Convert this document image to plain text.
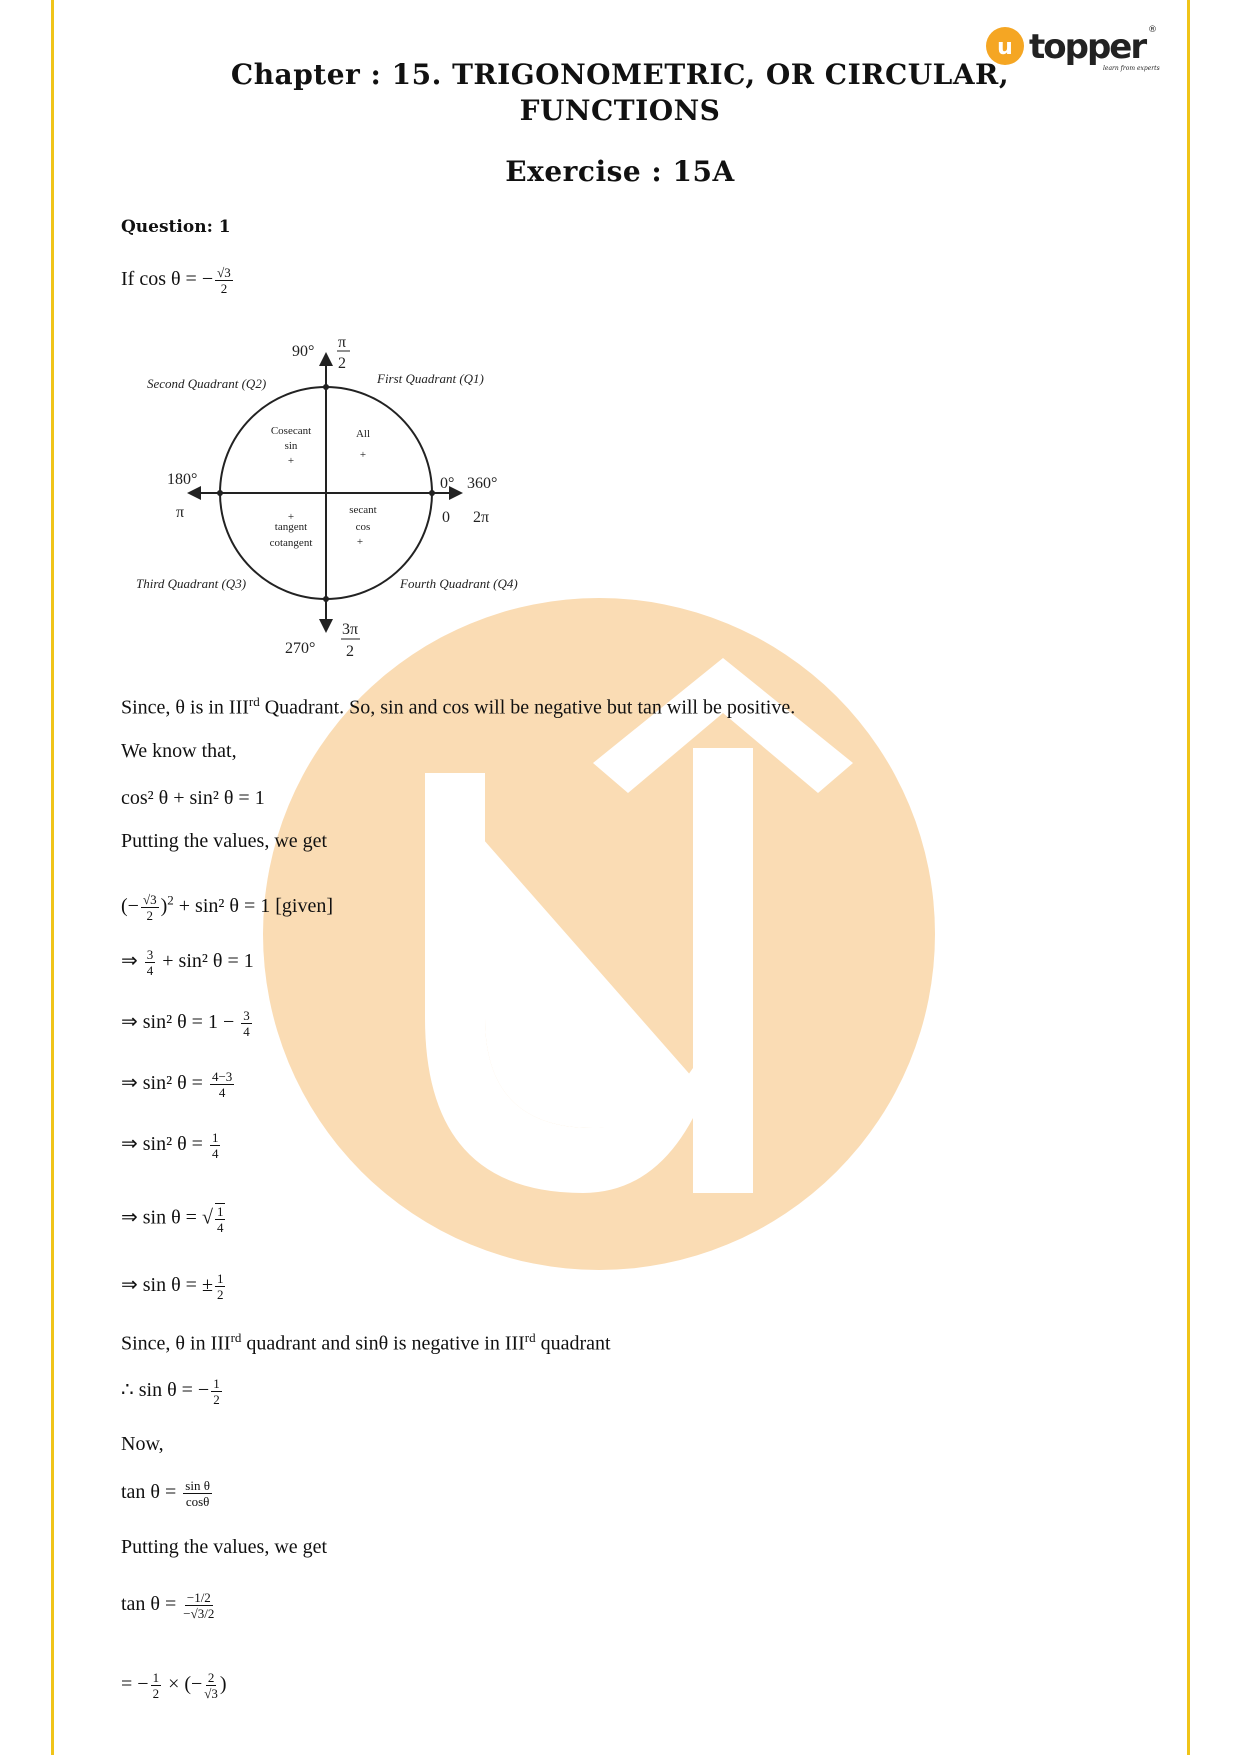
u topper
learn from experts
®
Chapter : 15. TRIGONOMETRIC, OR CIRCULAR,
FUNCTIONS
Exercise : 15A
Question: 1
If cos θ = − $\frac{√3}{2}$
Second Quadrant (Q2)	First Quadrant (Q1)
Third Quadrant (Q3)	Fourth Quadrant (Q4)
90°
π
2
180°
π
0° 360°
0 2π
270°
3π
2
Cosecant
sin
+
All
+
+
tangent
cotangent
secant
cos
+
Since, θ is in IIIrd Quadrant. So, sin and cos will be negative but tan will be positive.
We know that,
cos² θ + sin² θ = 1
Putting the values, we get
(− $\frac{√3}{2} )^2 + \sin^2$ θ = 1 [given]
⇒ $\frac{3}{4} + \sin^2$ θ = 1
⇒ sin² $\theta = 1 - \frac{3}{4}$
⇒ sin² $\theta = \frac{4-3}{4}$
⇒ sin² $\theta = \frac{1}{4}$
⇒ sin θ = √ $\frac{1}{4}$
⇒ sin θ = ± $\frac{1}{2}$
Since, θ in IIIrd quadrant and sinθ is negative in IIIrd quadrant
∴ sin θ = − $\frac{1}{2}$
Now,
$\tan \theta = \frac{\text{sin θ}}{\cos\theta}$
Putting the values, we get
$\tan \theta = \frac{-1/2}{-√3/2}$
= − $\frac{1}{2}$ × (− $\frac{2}{√3}$ )
